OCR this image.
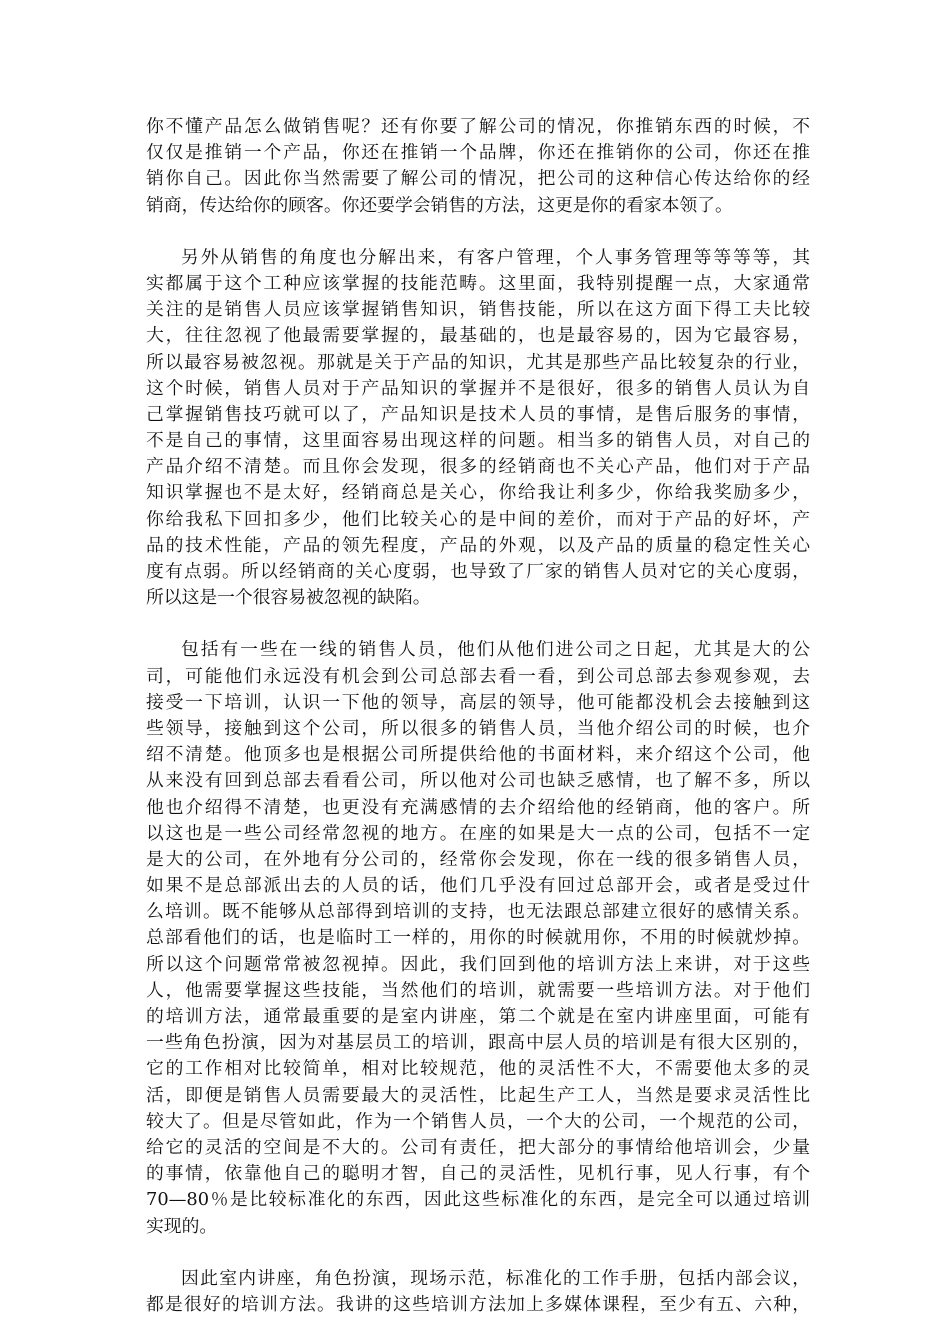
你不懂产品怎么做销售呢？还有你要了解公司的情况，你推销东西的时候，不
仅仅是推销一个产品，你还在推销一个品牌，你还在推销你的公司，你还在推
销你自己。因此你当然需要了解公司的情况，把公司的这种信心传达给你的经
销商，传达给你的顾客。你还要学会销售的方法，这更是你的看家本领了。
另外从销售的角度也分解出来，有客户管理，个人事务管理等等等等，其
实都属于这个工种应该掌握的技能范畴。这里面，我特别提醒一点，大家通常
关注的是销售人员应该掌握销售知识，销售技能，所以在这方面下得工夫比较
大，往往忽视了他最需要掌握的，最基础的，也是最容易的，因为它最容易，
所以最容易被忽视。那就是关于产品的知识，尤其是那些产品比较复杂的行业，
这个时候，销售人员对于产品知识的掌握并不是很好，很多的销售人员认为自
己掌握销售技巧就可以了，产品知识是技术人员的事情，是售后服务的事情，
不是自己的事情，这里面容易出现这样的问题。相当多的销售人员，对自己的
产品介绍不清楚。而且你会发现，很多的经销商也不关心产品，他们对于产品
知识掌握也不是太好，经销商总是关心，你给我让利多少，你给我奖励多少，
你给我私下回扣多少，他们比较关心的是中间的差价，而对于产品的好坏，产
品的技术性能，产品的领先程度，产品的外观，以及产品的质量的稳定性关心
度有点弱。所以经销商的关心度弱，也导致了厂家的销售人员对它的关心度弱，
所以这是一个很容易被忽视的缺陷。
包括有一些在一线的销售人员，他们从他们进公司之日起，尤其是大的公
司，可能他们永远没有机会到公司总部去看一看，到公司总部去参观参观，去
接受一下培训，认识一下他的领导，高层的领导，他可能都没机会去接触到这
些领导，接触到这个公司，所以很多的销售人员，当他介绍公司的时候，也介
绍不清楚。他顶多也是根据公司所提供给他的书面材料，来介绍这个公司，他
从来没有回到总部去看看公司，所以他对公司也缺乏感情，也了解不多，所以
他也介绍得不清楚，也更没有充满感情的去介绍给他的经销商，他的客户。所
以这也是一些公司经常忽视的地方。在座的如果是大一点的公司，包括不一定
是大的公司，在外地有分公司的，经常你会发现，你在一线的很多销售人员，
如果不是总部派出去的人员的话，他们几乎没有回过总部开会，或者是受过什
么培训。既不能够从总部得到培训的支持，也无法跟总部建立很好的感情关系。
总部看他们的话，也是临时工一样的，用你的时候就用你，不用的时候就炒掉。
所以这个问题常常被忽视掉。因此，我们回到他的培训方法上来讲，对于这些
人，他需要掌握这些技能，当然他们的培训，就需要一些培训方法。对于他们
的培训方法，通常最重要的是室内讲座，第二个就是在室内讲座里面，可能有
一些角色扮演，因为对基层员工的培训，跟高中层人员的培训是有很大区别的，
它的工作相对比较简单，相对比较规范，他的灵活性不大，不需要他太多的灵
活，即便是销售人员需要最大的灵活性，比起生产工人，当然是要求灵活性比
较大了。但是尽管如此，作为一个销售人员，一个大的公司，一个规范的公司，
给它的灵活的空间是不大的。公司有责任，把大部分的事情给他培训会，少量
的事情，依靠他自己的聪明才智，自己的灵活性，见机行事，见人行事，有个
70—80％是比较标准化的东西，因此这些标准化的东西，是完全可以通过培训
实现的。
因此室内讲座，角色扮演，现场示范，标准化的工作手册，包括内部会议，
都是很好的培训方法。我讲的这些培训方法加上多媒体课程，至少有五、六种，
